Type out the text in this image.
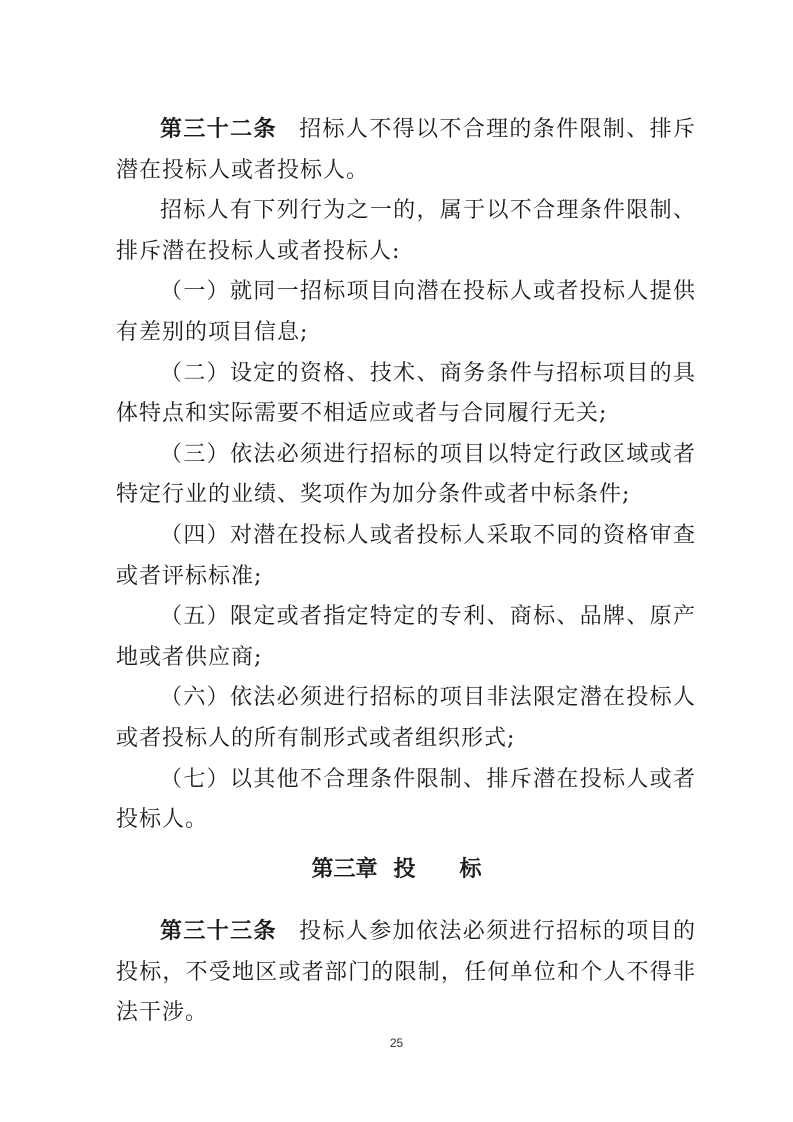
第三十二条 招标人不得以不合理的条件限制、排斥潜在投标人或者投标人。

招标人有下列行为之一的，属于以不合理条件限制、排斥潜在投标人或者投标人:

（一）就同一招标项目向潜在投标人或者投标人提供有差别的项目信息;

（二）设定的资格、技术、商务条件与招标项目的具体特点和实际需要不相适应或者与合同履行无关;

（三）依法必须进行招标的项目以特定行政区域或者特定行业的业绩、奖项作为加分条件或者中标条件;

（四）对潜在投标人或者投标人采取不同的资格审查或者评标标准;

（五）限定或者指定特定的专利、商标、品牌、原产地或者供应商;

（六）依法必须进行招标的项目非法限定潜在投标人或者投标人的所有制形式或者组织形式;

（七）以其他不合理条件限制、排斥潜在投标人或者投标人。

第三章 投 标

第三十三条 投标人参加依法必须进行招标的项目的投标，不受地区或者部门的限制，任何单位和个人不得非法干涉。

25
